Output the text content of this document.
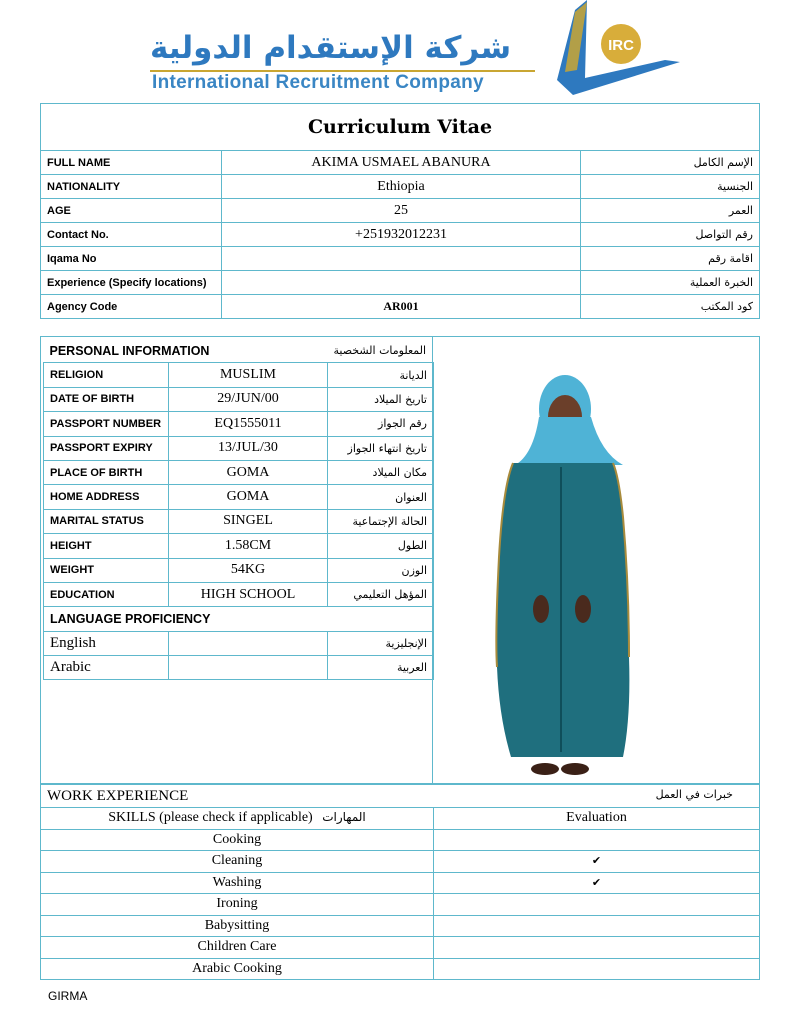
شركة الإستقدام الدولية
International Recruitment Company
IRC
Curriculum Vitae		
FULL NAME	AKIMA USMAEL ABANURA	الإسم الكامل
NATIONALITY	Ethiopia	الجنسية
AGE	25	العمر
Contact No.	+251932012231	رقم التواصل
Iqama No		اقامة رقم
Experience (Specify locations)		الخبرة العملية
Agency Code	AR001	كود المكتب
PERSONAL INFORMATION		المعلومات الشخصية
RELIGION	MUSLIM	الديانة
DATE OF BIRTH	29/JUN/00	تاريخ الميلاد
PASSPORT NUMBER	EQ1555011	رقم الجواز
PASSPORT EXPIRY	13/JUL/30	تاريخ انتهاء الجواز
PLACE OF BIRTH	GOMA	مكان الميلاد
HOME ADDRESS	GOMA	العنوان
MARITAL STATUS	SINGEL	الحالة الإجتماعية
HEIGHT	1.58CM	الطول
WEIGHT	54KG	الوزن
EDUCATION	HIGH SCHOOL	المؤهل التعليمي
LANGUAGE PROFICIENCY		
English		الإنجليزية
Arabic		العربية
WORK EXPERIENCE خبرات في العمل	

SKILLS (please check if applicable) المهارات	Evaluation
Cooking	
Cleaning	✔
Washing	✔
Ironing	
Babysitting	
Children Care	
Arabic Cooking	
GIRMA
